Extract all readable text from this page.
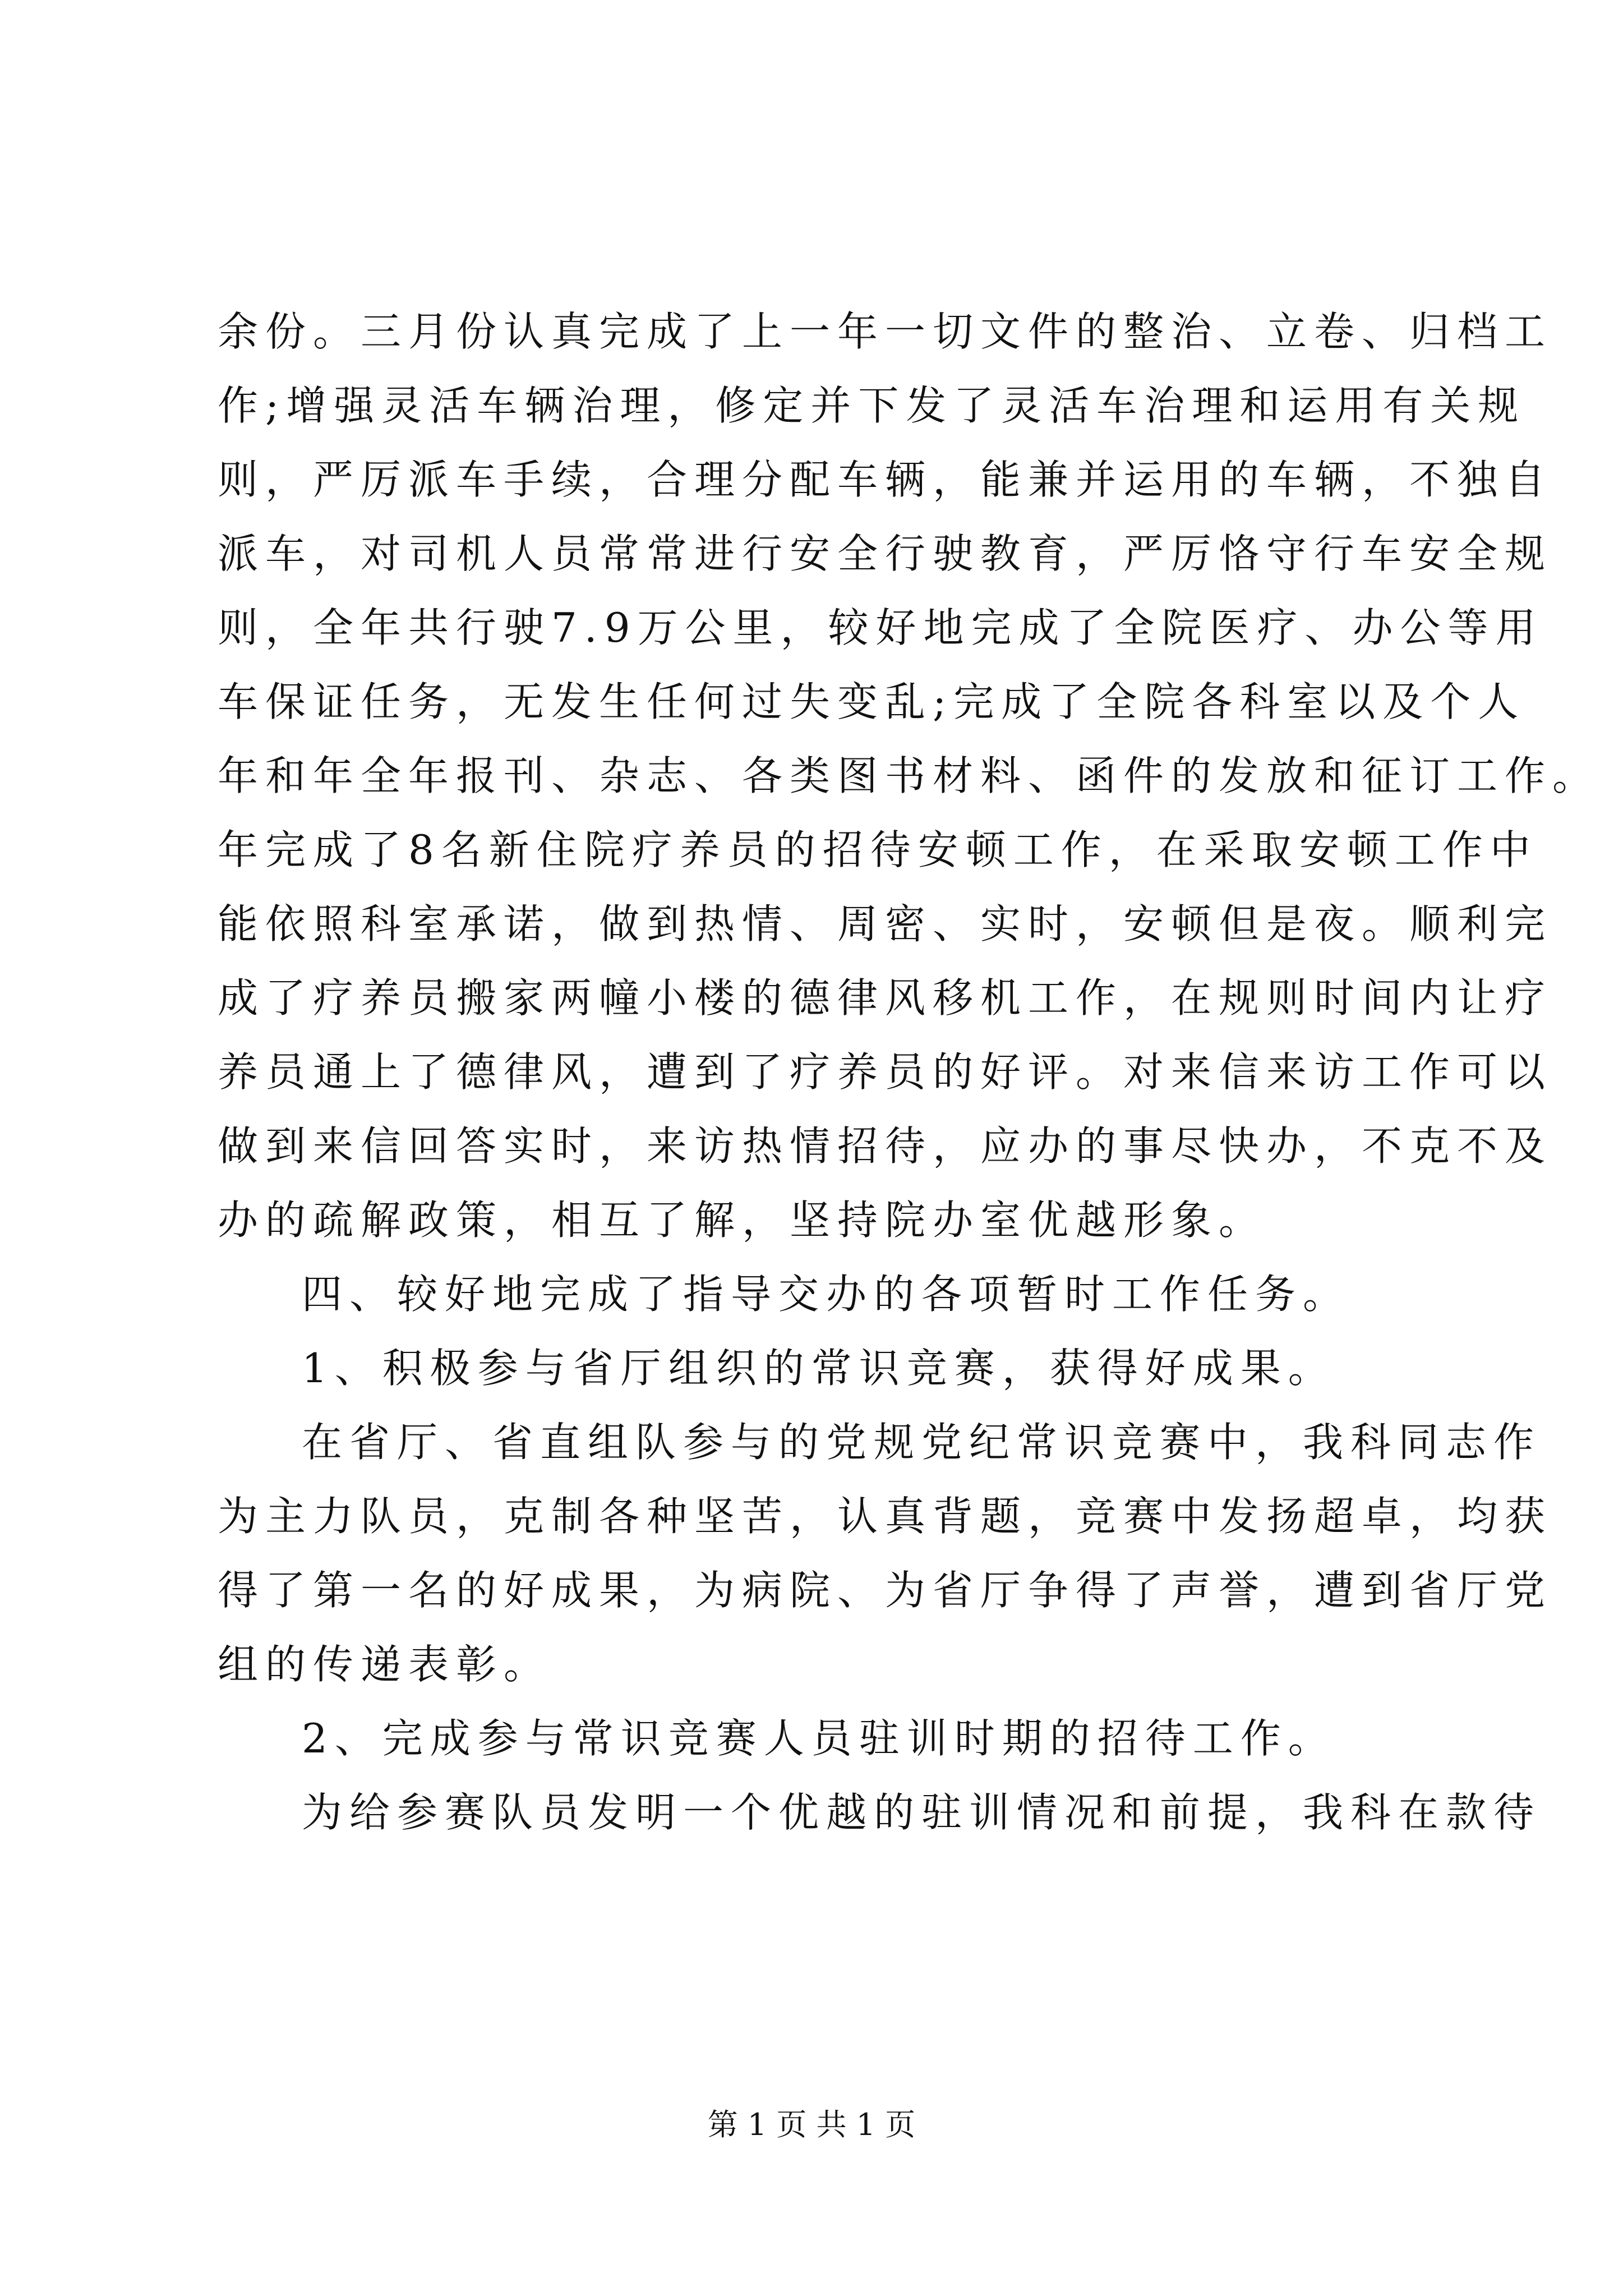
余份。三月份认真完成了上一年一切文件的整治、立卷、归档工
作;增强灵活车辆治理，修定并下发了灵活车治理和运用有关规
则，严厉派车手续，合理分配车辆，能兼并运用的车辆，不独自
派车，对司机人员常常进行安全行驶教育，严厉恪守行车安全规
则，全年共行驶7.9万公里，较好地完成了全院医疗、办公等用
车保证任务，无发生任何过失变乱;完成了全院各科室以及个人
年和年全年报刊、杂志、各类图书材料、函件的发放和征订工作。
年完成了8名新住院疗养员的招待安顿工作，在采取安顿工作中
能依照科室承诺，做到热情、周密、实时，安顿但是夜。顺利完
成了疗养员搬家两幢小楼的德律风移机工作，在规则时间内让疗
养员通上了德律风，遭到了疗养员的好评。对来信来访工作可以
做到来信回答实时，来访热情招待，应办的事尽快办，不克不及
办的疏解政策，相互了解，坚持院办室优越形象。
四、较好地完成了指导交办的各项暂时工作任务。
1、积极参与省厅组织的常识竞赛，获得好成果。
在省厅、省直组队参与的党规党纪常识竞赛中，我科同志作
为主力队员，克制各种坚苦，认真背题，竞赛中发扬超卓，均获
得了第一名的好成果，为病院、为省厅争得了声誉，遭到省厅党
组的传递表彰。
2、完成参与常识竞赛人员驻训时期的招待工作。
为给参赛队员发明一个优越的驻训情况和前提，我科在款待
第 1 页 共 1 页
